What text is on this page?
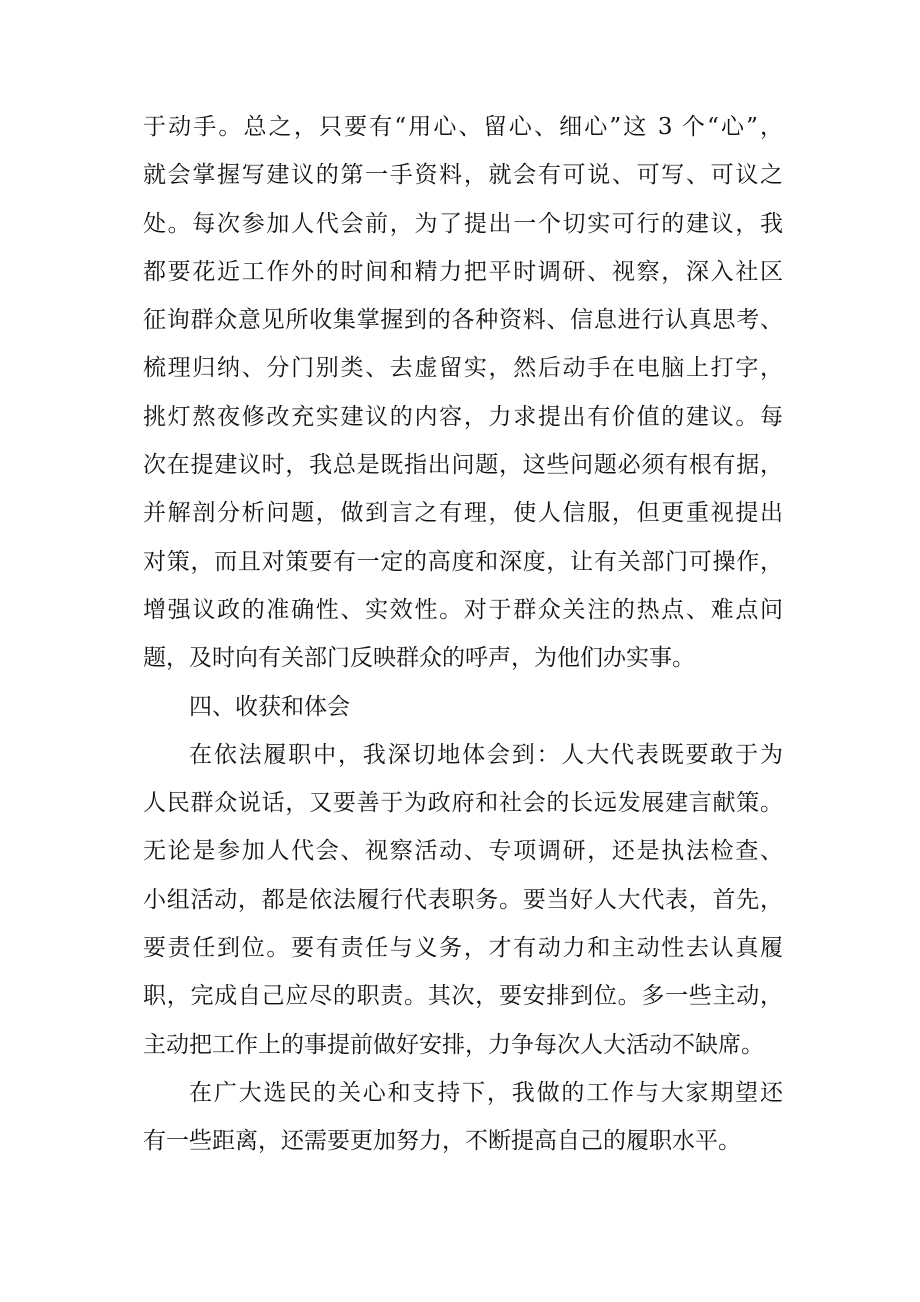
于动手。总之，只要有“用心、留心、细心”这 3 个“心”，
就会掌握写建议的第一手资料，就会有可说、可写、可议之
处。每次参加人代会前，为了提出一个切实可行的建议，我
都要花近工作外的时间和精力把平时调研、视察，深入社区
征询群众意见所收集掌握到的各种资料、信息进行认真思考、
梳理归纳、分门别类、去虚留实，然后动手在电脑上打字，
挑灯熬夜修改充实建议的内容，力求提出有价值的建议。每
次在提建议时，我总是既指出问题，这些问题必须有根有据，
并解剖分析问题，做到言之有理，使人信服，但更重视提出
对策，而且对策要有一定的高度和深度，让有关部门可操作，
增强议政的准确性、实效性。对于群众关注的热点、难点问
题，及时向有关部门反映群众的呼声，为他们办实事。
四、收获和体会
在依法履职中，我深切地体会到：人大代表既要敢于为
人民群众说话，又要善于为政府和社会的长远发展建言献策。
无论是参加人代会、视察活动、专项调研，还是执法检查、
小组活动，都是依法履行代表职务。要当好人大代表，首先，
要责任到位。要有责任与义务，才有动力和主动性去认真履
职，完成自己应尽的职责。其次，要安排到位。多一些主动，
主动把工作上的事提前做好安排，力争每次人大活动不缺席。
在广大选民的关心和支持下，我做的工作与大家期望还
有一些距离，还需要更加努力，不断提高自己的履职水平。
